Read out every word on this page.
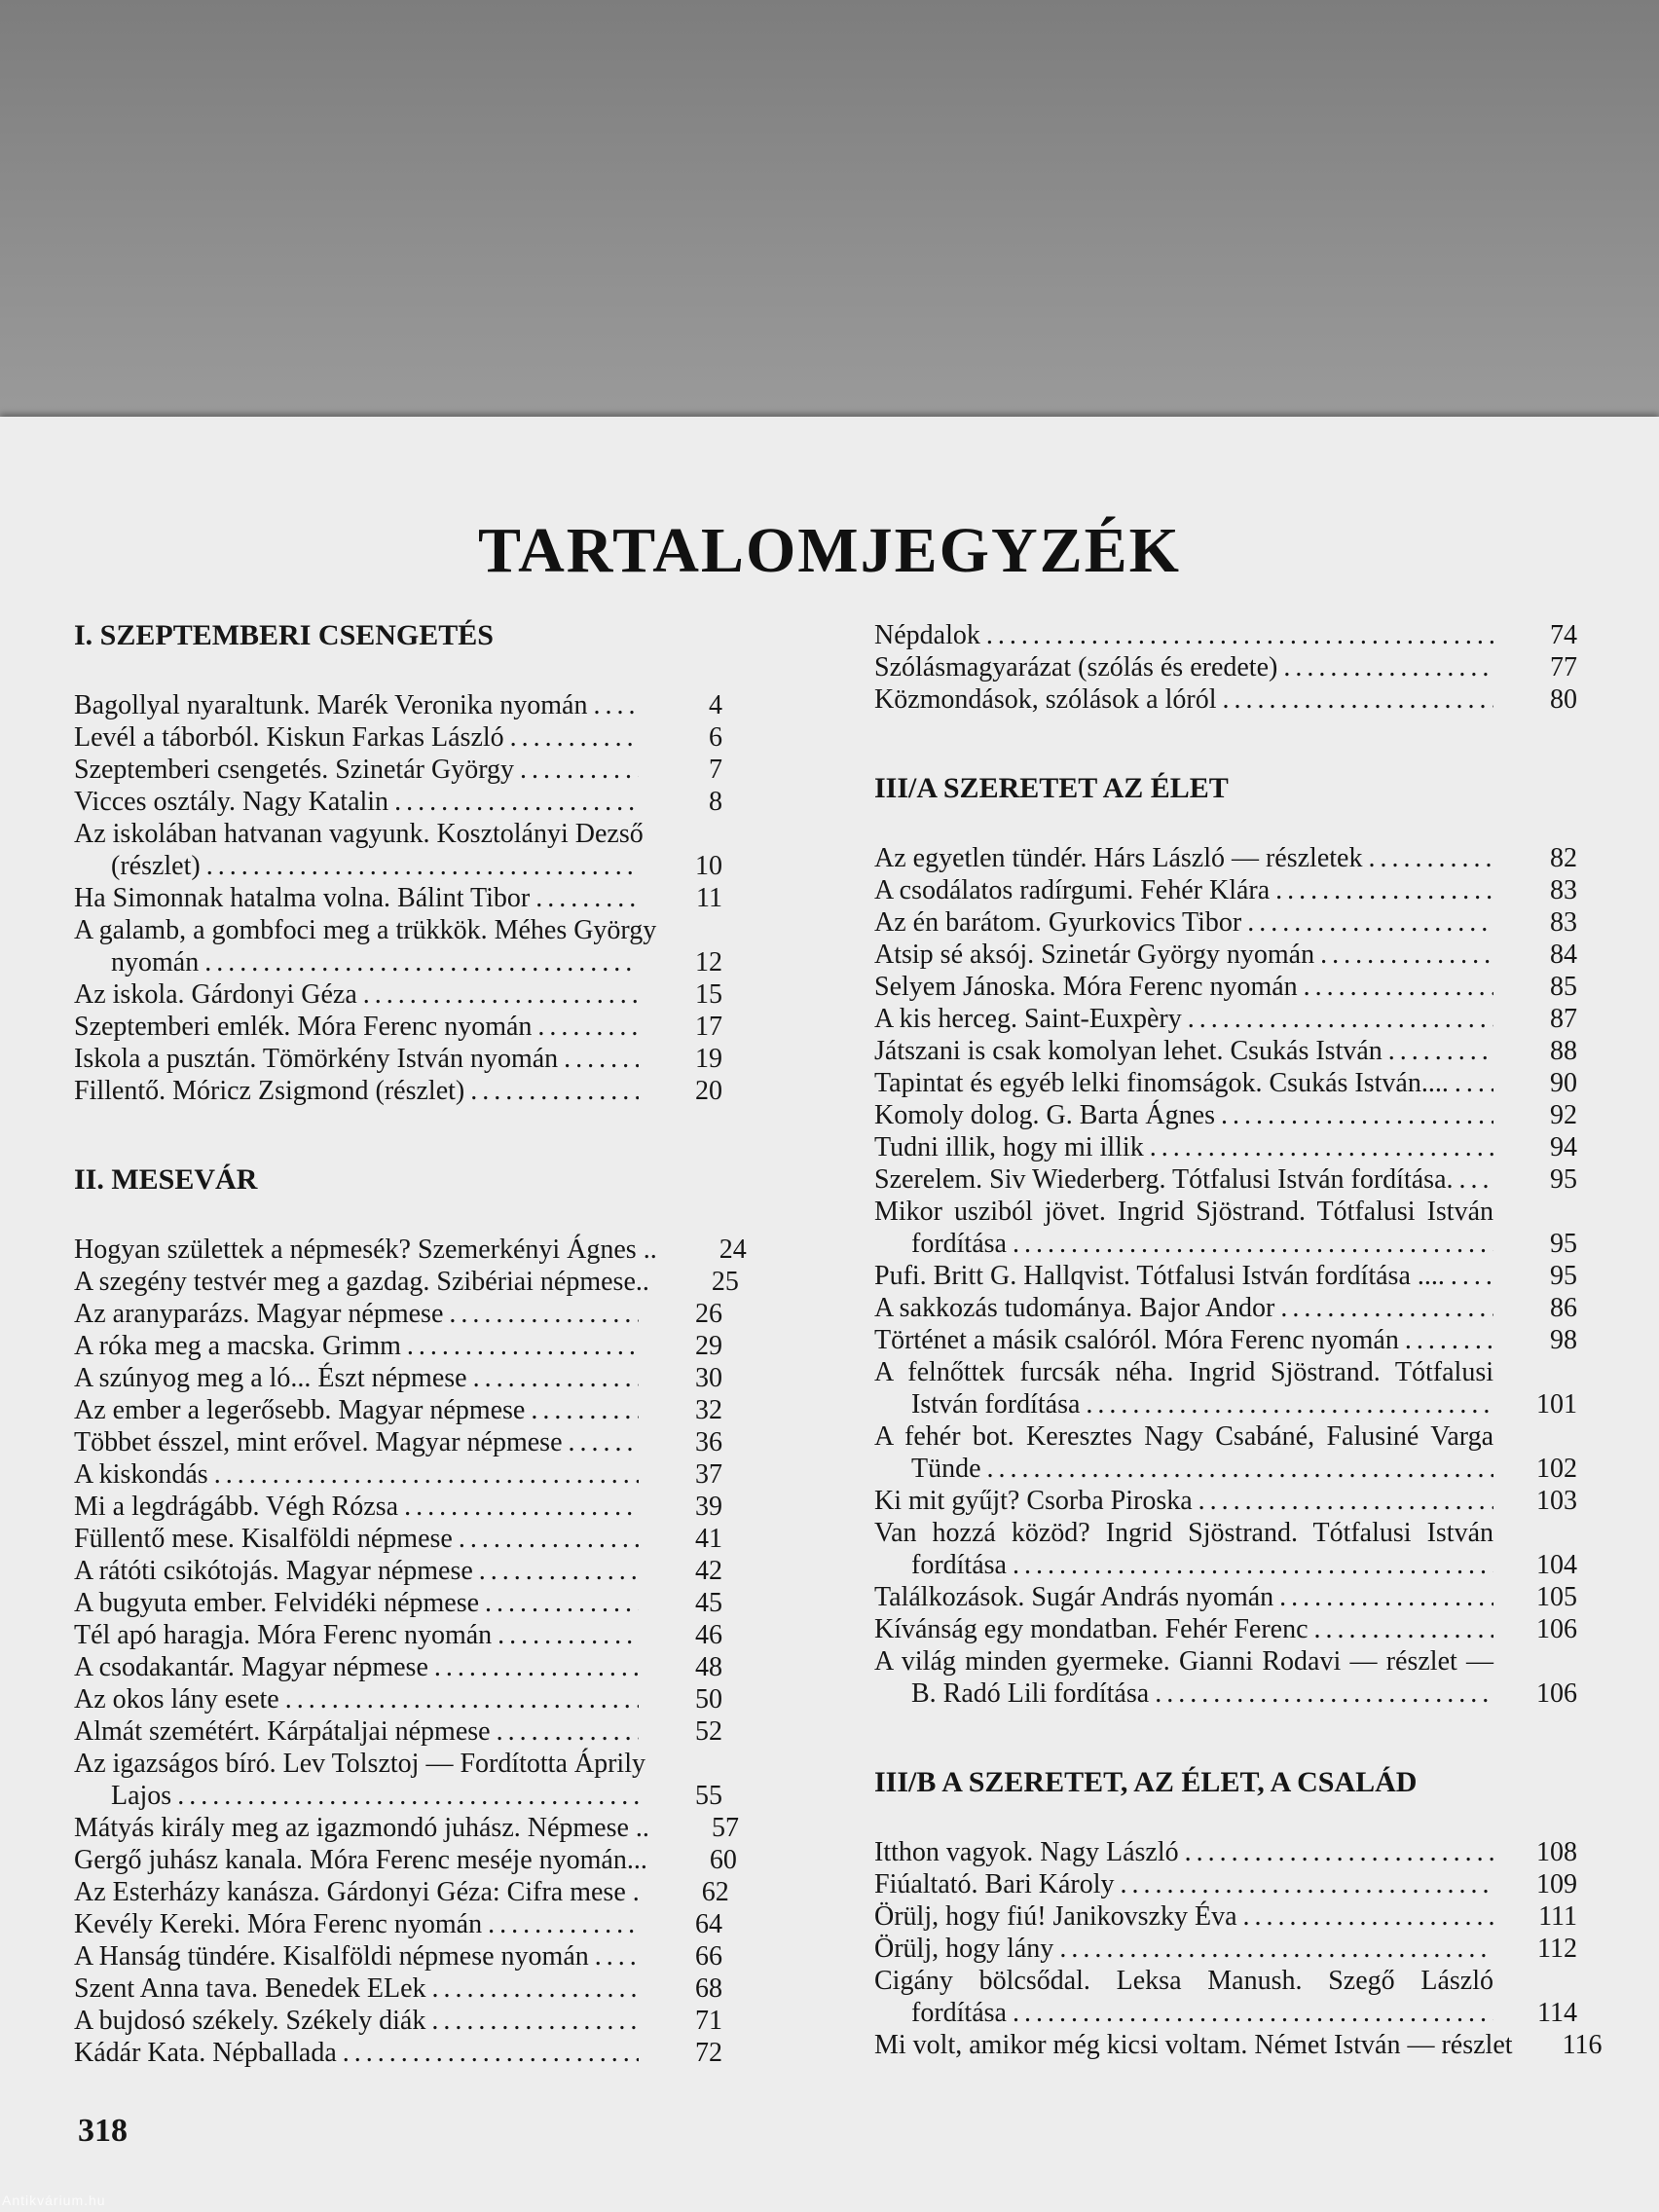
TARTALOMJEGYZÉK
I. SZEPTEMBERI CSENGETÉS
Bagollyal nyaraltunk. Marék Veronika nyomán . . .	4
Levél a táborból. Kiskun Farkas László . . .	6
Szeptemberi csengetés. Szinetár György . . .	7
Vicces osztály. Nagy Katalin . . .	8
Az iskolában hatvanan vagyunk. Kosztolányi Dezső
(részlet) . . .	10
Ha Simonnak hatalma volna. Bálint Tibor . . .	11
A galamb, a gombfoci meg a trükkök. Méhes György
nyomán . . .	12
Az iskola. Gárdonyi Géza . . .	15
Szeptemberi emlék. Móra Ferenc nyomán . . .	17
Iskola a pusztán. Tömörkény István nyomán . . .	19
Fillentő. Móricz Zsigmond (részlet) . . .	20
II. MESEVÁR
Hogyan születtek a népmesék? Szemerkényi Ágnes ..	24
A szegény testvér meg a gazdag. Szibériai népmese..	25
Az aranyparázs. Magyar népmese . . .	26
A róka meg a macska. Grimm . . .	29
A szúnyog meg a ló... Észt népmese . . .	30
Az ember a legerősebb. Magyar népmese . . .	32
Többet ésszel, mint erővel. Magyar népmese . . .	36
A kiskondás . . .	37
Mi a legdrágább. Végh Rózsa . . .	39
Füllentő mese. Kisalföldi népmese . . .	41
A rátóti csikótojás. Magyar népmese . . .	42
A bugyuta ember. Felvidéki népmese . . .	45
Tél apó haragja. Móra Ferenc nyomán . . .	46
A csodakantár. Magyar népmese . . .	48
Az okos lány esete . . .	50
Almát szemétért. Kárpátaljai népmese . . .	52
Az igazságos bíró. Lev Tolsztoj — Fordította Áprily
Lajos . . .	55
Mátyás király meg az igazmondó juhász. Népmese ..	57
Gergő juhász kanala. Móra Ferenc meséje nyomán...	60
Az Esterházy kanásza. Gárdonyi Géza: Cifra mese .	62
Kevély Kereki. Móra Ferenc nyomán . . .	64
A Hanság tündére. Kisalföldi népmese nyomán . . .	66
Szent Anna tava. Benedek ELek . . .	68
A bujdosó székely. Székely diák . . .	71
Kádár Kata. Népballada . . .	72
Népdalok . . .	74
Szólásmagyarázat (szólás és eredete) . . .	77
Közmondások, szólások a lóról . . .	80
III/A SZERETET AZ ÉLET
Az egyetlen tündér. Hárs László — részletek . . .	82
A csodálatos radírgumi. Fehér Klára . . .	83
Az én barátom. Gyurkovics Tibor . . .	83
Atsip sé aksój. Szinetár György nyomán . . .	84
Selyem Jánoska. Móra Ferenc nyomán . . .	85
A kis herceg. Saint-Euxpèry . . .	87
Játszani is csak komolyan lehet. Csukás István . . .	88
Tapintat és egyéb lelki finomságok. Csukás István.... . . .	90
Komoly dolog. G. Barta Ágnes . . .	92
Tudni illik, hogy mi illik . . .	94
Szerelem. Siv Wiederberg. Tótfalusi István fordítása. . . .	95
Mikor usziból jövet. Ingrid Sjöstrand. Tótfalusi István
fordítása . . .	95
Pufi. Britt G. Hallqvist. Tótfalusi István fordítása .... . . .	95
A sakkozás tudománya. Bajor Andor . . .	86
Történet a másik csalóról. Móra Ferenc nyomán . . .	98
A felnőttek furcsák néha. Ingrid Sjöstrand. Tótfalusi
István fordítása . . .	101
A fehér bot. Keresztes Nagy Csabáné, Falusiné Varga
Tünde . . .	102
Ki mit gyűjt? Csorba Piroska . . .	103
Van hozzá közöd? Ingrid Sjöstrand. Tótfalusi István
fordítása . . .	104
Találkozások. Sugár András nyomán . . .	105
Kívánság egy mondatban. Fehér Ferenc . . .	106
A világ minden gyermeke. Gianni Rodavi — részlet —
B. Radó Lili fordítása . . .	106
III/B A SZERETET, AZ ÉLET, A CSALÁD
Itthon vagyok. Nagy László . . .	108
Fiúaltató. Bari Károly . . .	109
Örülj, hogy fiú! Janikovszky Éva . . .	111
Örülj, hogy lány . . .	112
Cigány bölcsődal. Leksa Manush. Szegő László
fordítása . . .	114
Mi volt, amikor még kicsi voltam. Német István — részlet	116
318
Antikvárium.hu
